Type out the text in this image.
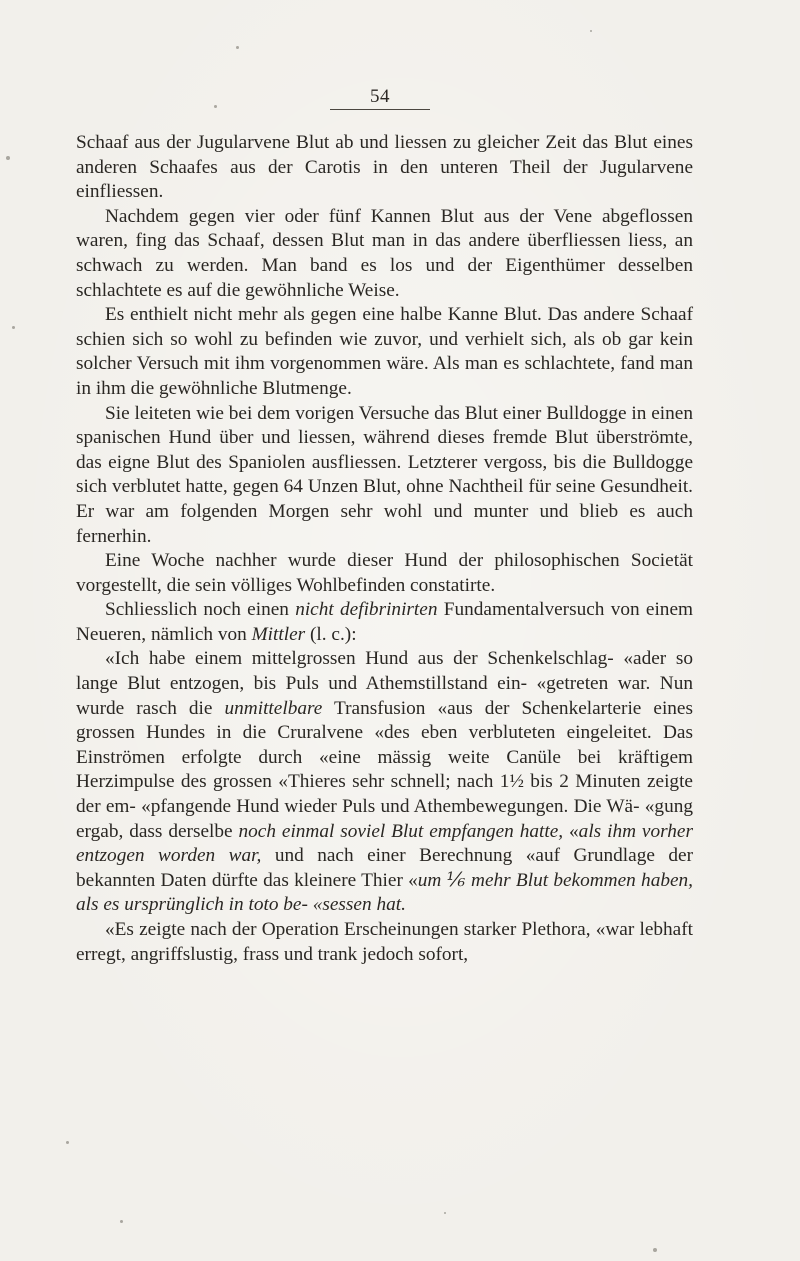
54

Schaaf aus der Jugularvene Blut ab und liessen zu gleicher Zeit das Blut eines anderen Schaafes aus der Carotis in den unteren Theil der Jugularvene einfliessen.

Nachdem gegen vier oder fünf Kannen Blut aus der Vene abgeflossen waren, fing das Schaaf, dessen Blut man in das andere überfliessen liess, an schwach zu werden. Man band es los und der Eigenthümer desselben schlachtete es auf die gewöhnliche Weise.

Es enthielt nicht mehr als gegen eine halbe Kanne Blut. Das andere Schaaf schien sich so wohl zu befinden wie zuvor, und verhielt sich, als ob gar kein solcher Versuch mit ihm vorgenommen wäre. Als man es schlachtete, fand man in ihm die gewöhnliche Blutmenge.

Sie leiteten wie bei dem vorigen Versuche das Blut einer Bulldogge in einen spanischen Hund über und liessen, während dieses fremde Blut überströmte, das eigne Blut des Spaniolen ausfliessen. Letzterer vergoss, bis die Bulldogge sich verblutet hatte, gegen 64 Unzen Blut, ohne Nachtheil für seine Gesundheit. Er war am folgenden Morgen sehr wohl und munter und blieb es auch fernerhin.

Eine Woche nachher wurde dieser Hund der philosophischen Societät vorgestellt, die sein völliges Wohlbefinden constatirte.

Schliesslich noch einen nicht defibrinirten Fundamentalversuch von einem Neueren, nämlich von Mittler (l. c.):

«Ich habe einem mittelgrossen Hund aus der Schenkelschlag- «ader so lange Blut entzogen, bis Puls und Athemstillstand ein- «getreten war. Nun wurde rasch die unmittelbare Transfusion «aus der Schenkelarterie eines grossen Hundes in die Cruralvene «des eben verbluteten eingeleitet. Das Einströmen erfolgte durch «eine mässig weite Canüle bei kräftigem Herzimpulse des grossen «Thieres sehr schnell; nach 1½ bis 2 Minuten zeigte der em- «pfangende Hund wieder Puls und Athembewegungen. Die Wä- «gung ergab, dass derselbe noch einmal soviel Blut empfangen hatte, «als ihm vorher entzogen worden war, und nach einer Berechnung «auf Grundlage der bekannten Daten dürfte das kleinere Thier «um ⅙ mehr Blut bekommen haben, als es ursprünglich in toto be- «sessen hat.

«Es zeigte nach der Operation Erscheinungen starker Plethora, «war lebhaft erregt, angriffslustig, frass und trank jedoch sofort,
